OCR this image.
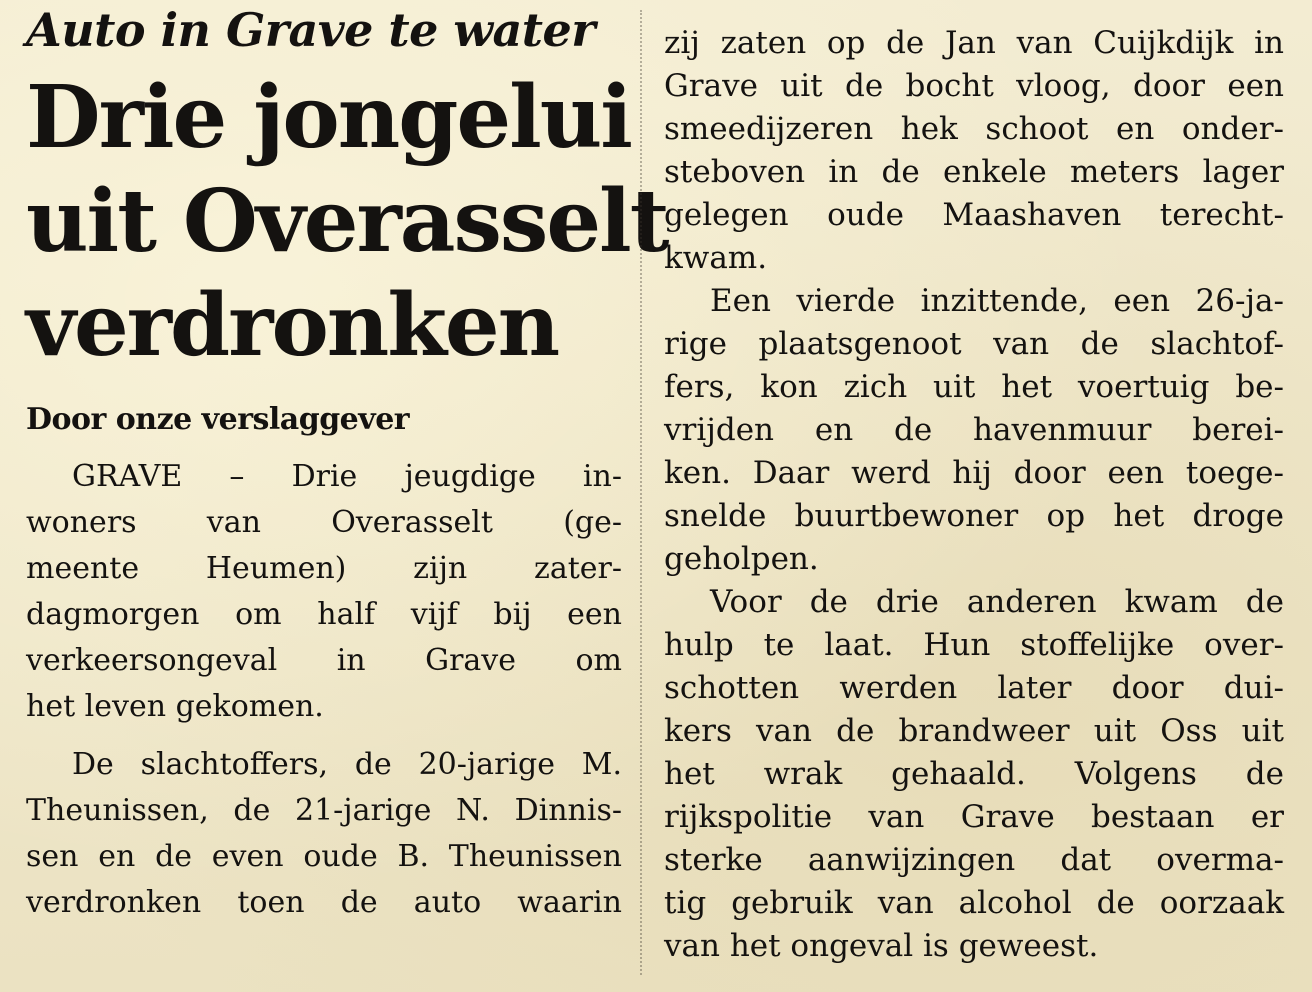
Auto in Grave te water
Drie jongelui
uit Overasselt
verdronken

Door onze verslaggever

GRAVE – Drie jeugdige in-
woners van Overasselt (ge-
meente Heumen) zijn zater-
dagmorgen om half vijf bij een
verkeersongeval in Grave om
het leven gekomen.
De slachtoffers, de 20-jarige M.
Theunissen, de 21-jarige N. Dinnis-
sen en de even oude B. Theunissen
verdronken toen de auto waarin
zij zaten op de Jan van Cuijkdijk in
Grave uit de bocht vloog, door een
smeedijzeren hek schoot en onder-
steboven in de enkele meters lager
gelegen oude Maashaven terecht-
kwam.
Een vierde inzittende, een 26-ja-
rige plaatsgenoot van de slachtof-
fers, kon zich uit het voertuig be-
vrijden en de havenmuur berei-
ken. Daar werd hij door een toege-
snelde buurtbewoner op het droge
geholpen.
Voor de drie anderen kwam de
hulp te laat. Hun stoffelijke over-
schotten werden later door dui-
kers van de brandweer uit Oss uit
het wrak gehaald. Volgens de
rijkspolitie van Grave bestaan er
sterke aanwijzingen dat overma-
tig gebruik van alcohol de oorzaak
van het ongeval is geweest.
